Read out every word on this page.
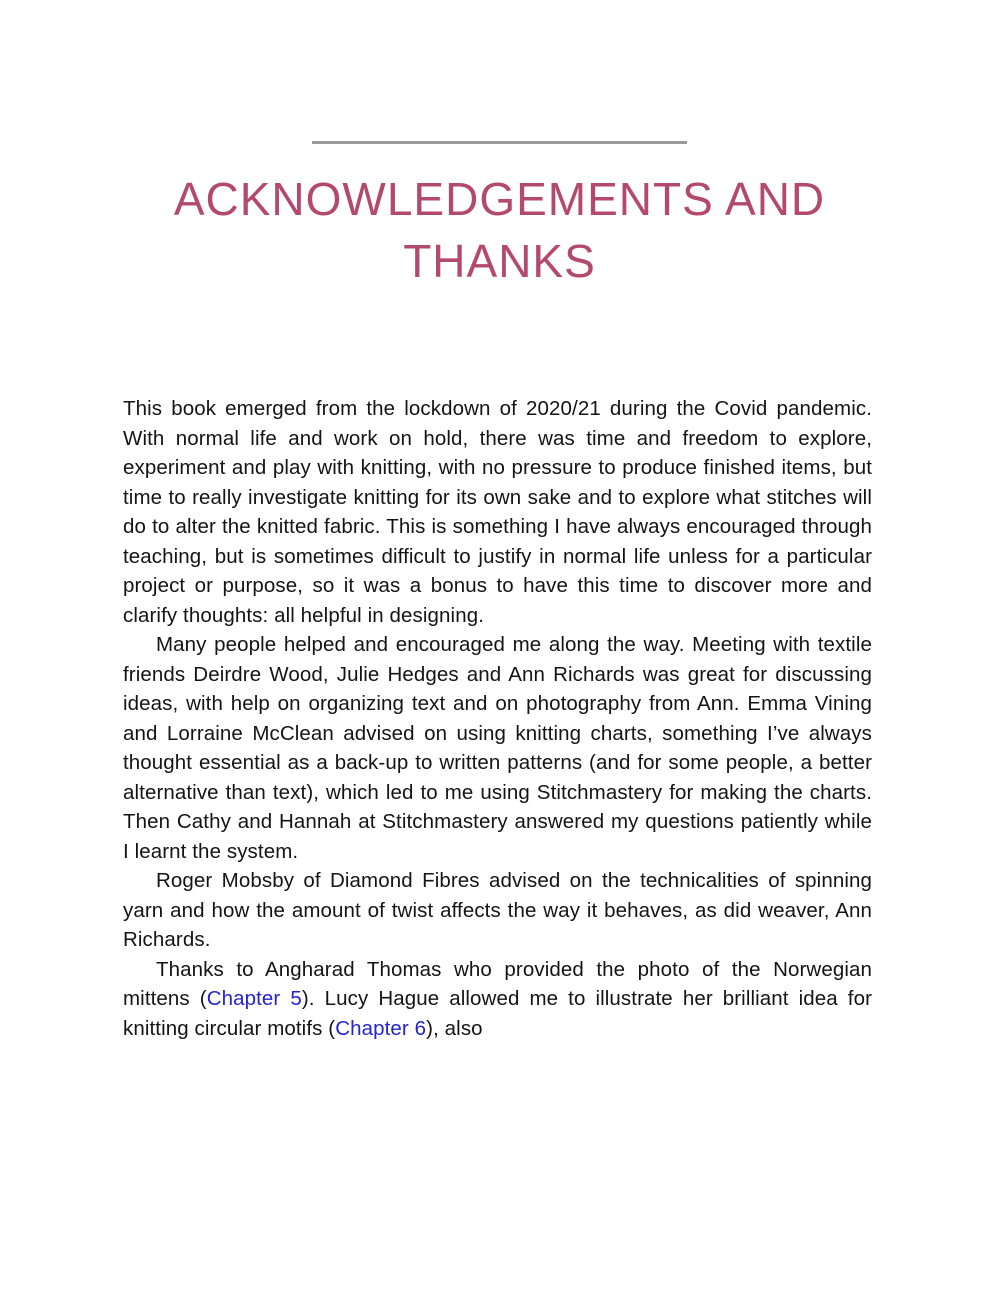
ACKNOWLEDGEMENTS AND THANKS

This book emerged from the lockdown of 2020/21 during the Covid pandemic. With normal life and work on hold, there was time and freedom to explore, experiment and play with knitting, with no pressure to produce finished items, but time to really investigate knitting for its own sake and to explore what stitches will do to alter the knitted fabric. This is something I have always encouraged through teaching, but is sometimes difficult to justify in normal life unless for a particular project or purpose, so it was a bonus to have this time to discover more and clarify thoughts: all helpful in designing.

Many people helped and encouraged me along the way. Meeting with textile friends Deirdre Wood, Julie Hedges and Ann Richards was great for discussing ideas, with help on organizing text and on photography from Ann. Emma Vining and Lorraine McClean advised on using knitting charts, something I’ve always thought essential as a back-up to written patterns (and for some people, a better alternative than text), which led to me using Stitchmastery for making the charts. Then Cathy and Hannah at Stitchmastery answered my questions patiently while I learnt the system.

Roger Mobsby of Diamond Fibres advised on the technicalities of spinning yarn and how the amount of twist affects the way it behaves, as did weaver, Ann Richards.

Thanks to Angharad Thomas who provided the photo of the Norwegian mittens (Chapter 5). Lucy Hague allowed me to illustrate her brilliant idea for knitting circular motifs (Chapter 6), also
